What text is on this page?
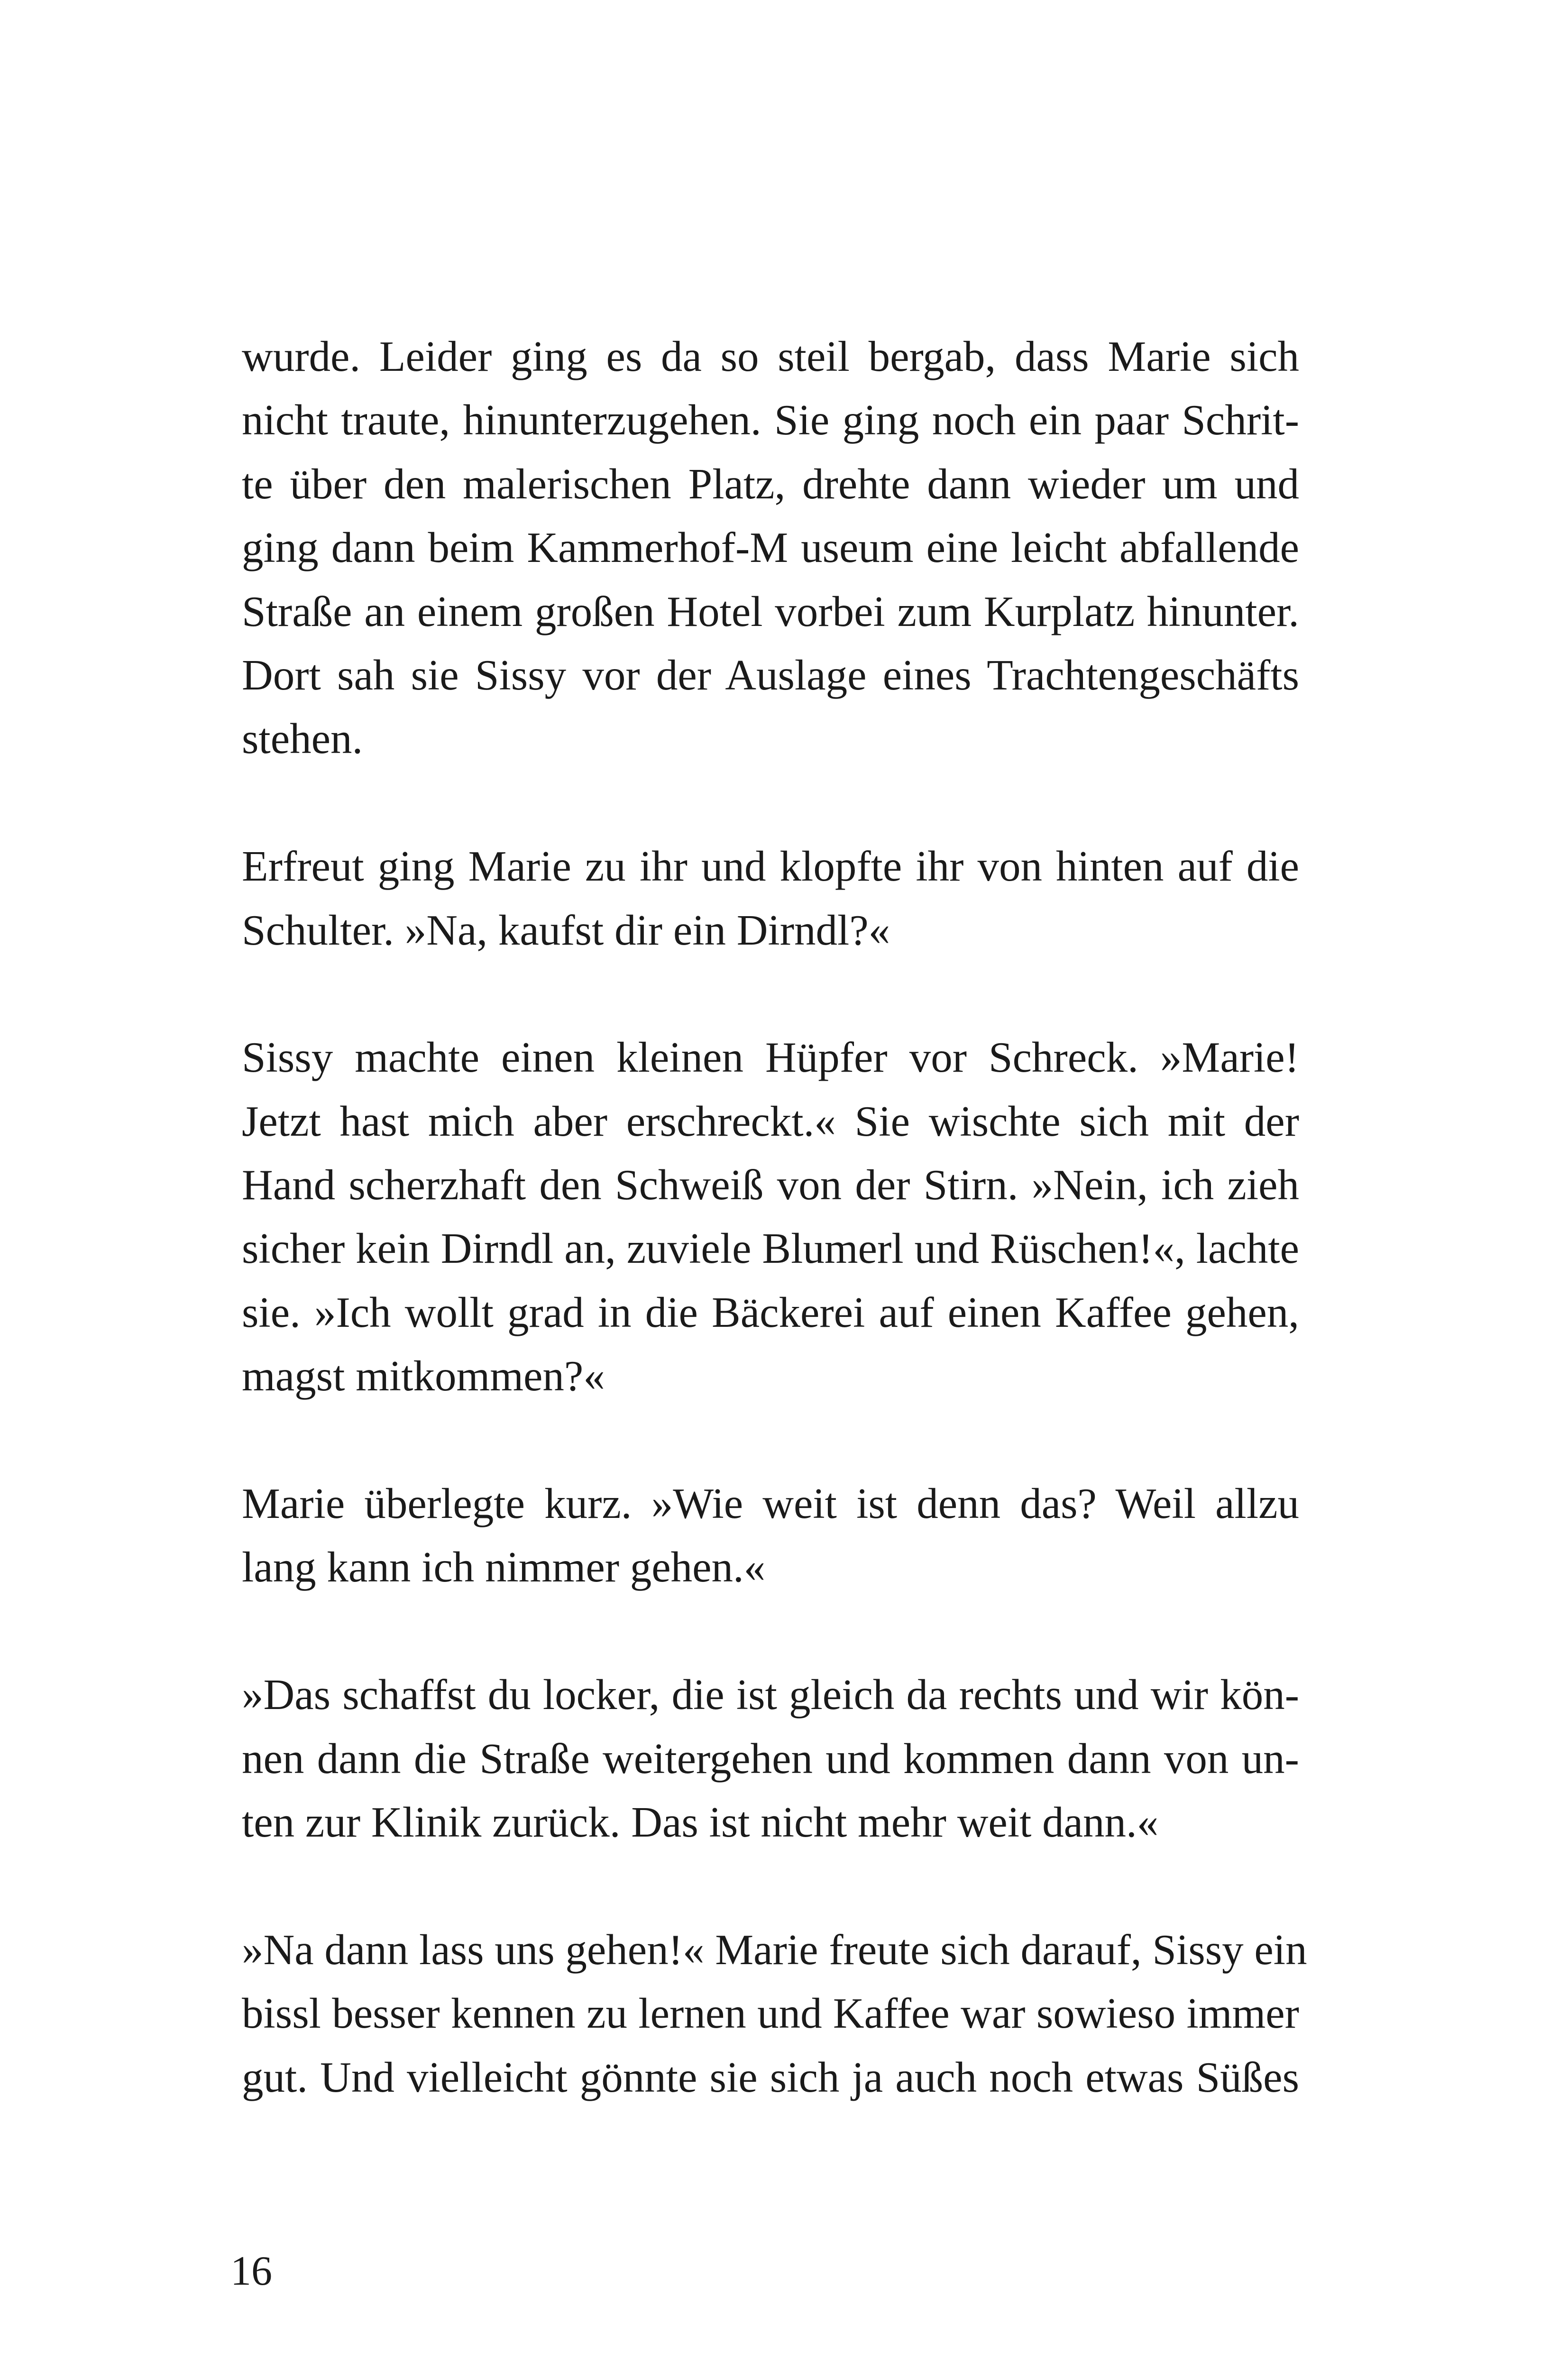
wurde. Leider ging es da so steil bergab, dass Marie sich
nicht traute, hinunterzugehen. Sie ging noch ein paar Schrit-
te über den malerischen Platz, drehte dann wieder um und
ging dann beim Kammerhof-M useum eine leicht abfallende
Straße an einem großen Hotel vorbei zum Kurplatz hinunter.
Dort sah sie Sissy vor der Auslage eines Trachtengeschäfts
stehen.

Erfreut ging Marie zu ihr und klopfte ihr von hinten auf die
Schulter. »Na, kaufst dir ein Dirndl?«

Sissy machte einen kleinen Hüpfer vor Schreck. »Marie!
Jetzt hast mich aber erschreckt.« Sie wischte sich mit der
Hand scherzhaft den Schweiß von der Stirn. »Nein, ich zieh
sicher kein Dirndl an, zuviele Blumerl und Rüschen!«, lachte
sie. »Ich wollt grad in die Bäckerei auf einen Kaffee gehen,
magst mitkommen?«

Marie überlegte kurz. »Wie weit ist denn das? Weil allzu
lang kann ich nimmer gehen.«

»Das schaffst du locker, die ist gleich da rechts und wir kön-
nen dann die Straße weitergehen und kommen dann von un-
ten zur Klinik zurück. Das ist nicht mehr weit dann.«

»Na dann lass uns gehen!« Marie freute sich darauf, Sissy ein
bissl besser kennen zu lernen und Kaffee war sowieso immer
gut. Und vielleicht gönnte sie sich ja auch noch etwas Süßes

16
